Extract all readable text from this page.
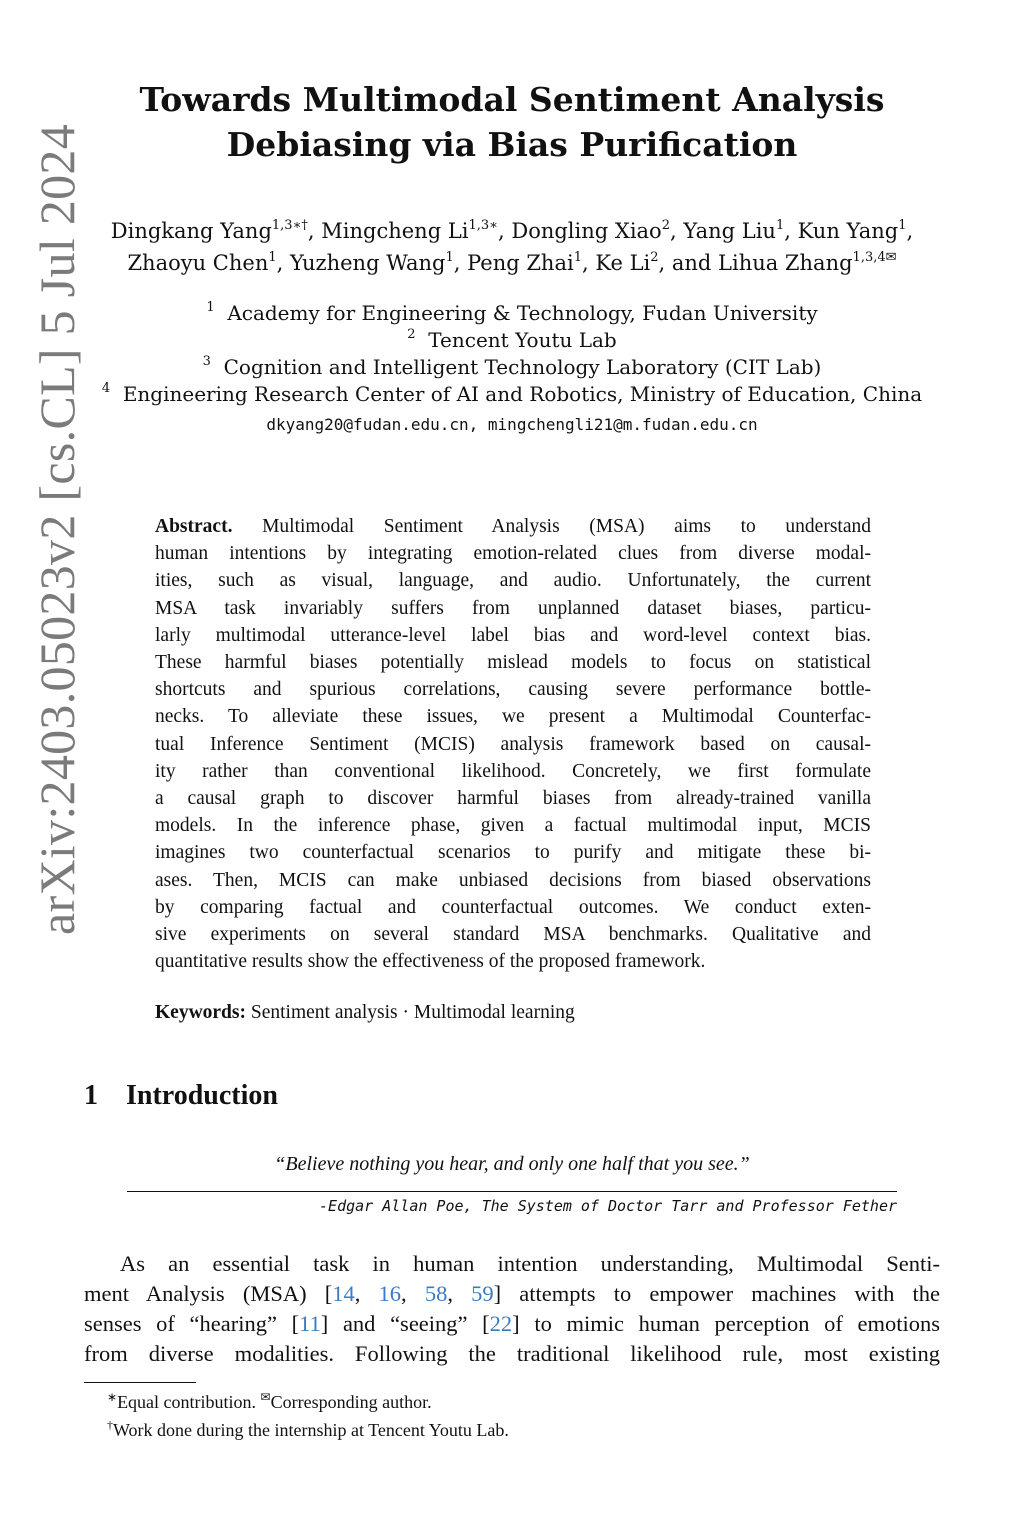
arXiv:2403.05023v2 [cs.CL] 5 Jul 2024
Towards Multimodal Sentiment Analysis
Debiasing via Bias Purification
Dingkang Yang$^{1,3∗\dagger}$, Mingcheng $Li^{1,3∗}$, Dongling Xiao$^2$, Yang Liu$^1$, Kun Yang$^1$,
Zhaoyu Chen$^1$, Yuzheng Wang$^1$, Peng Zhai$^1$, Ke Li$^2$, and Lihua Zhang$^{1,3,4✉}$
$^1$ Academy for Engineering & Technology, Fudan University
$^2$ Tencent Youtu Lab
$^3$ Cognition and Intelligent Technology Laboratory (CIT Lab)
$^4$ Engineering Research Center of AI and Robotics, Ministry of Education, China
dkyang20@fudan.edu.cn, mingchengli21@m.fudan.edu.cn
Abstract. Multimodal Sentiment Analysis (MSA) aims to understand
human intentions by integrating emotion-related clues from diverse modal-
ities, such as visual, language, and audio. Unfortunately, the current
MSA task invariably suffers from unplanned dataset biases, particu-
larly multimodal utterance-level label bias and word-level context bias.
These harmful biases potentially mislead models to focus on statistical
shortcuts and spurious correlations, causing severe performance bottle-
necks. To alleviate these issues, we present a Multimodal Counterfac-
tual Inference Sentiment (MCIS) analysis framework based on causal-
ity rather than conventional likelihood. Concretely, we first formulate
a causal graph to discover harmful biases from already-trained vanilla
models. In the inference phase, given a factual multimodal input, MCIS
imagines two counterfactual scenarios to purify and mitigate these bi-
ases. Then, MCIS can make unbiased decisions from biased observations
by comparing factual and counterfactual outcomes. We conduct exten-
sive experiments on several standard MSA benchmarks. Qualitative and
quantitative results show the effectiveness of the proposed framework.
Keywords: Sentiment analysis · Multimodal learning
1 Introduction
“Believe nothing you hear, and only one half that you see.”
-Edgar Allan Poe, The System of Doctor Tarr and Professor Fether
As an essential task in human intention understanding, Multimodal Senti-
ment Analysis (MSA) [14, 16, 58, 59] attempts to empower machines with the
senses of “hearing” [11] and “seeing” [22] to mimic human perception of emotions
from diverse modalities. Following the traditional likelihood rule, most existing
∗Equal contribution. ✉Corresponding author.
†Work done during the internship at Tencent Youtu Lab.
